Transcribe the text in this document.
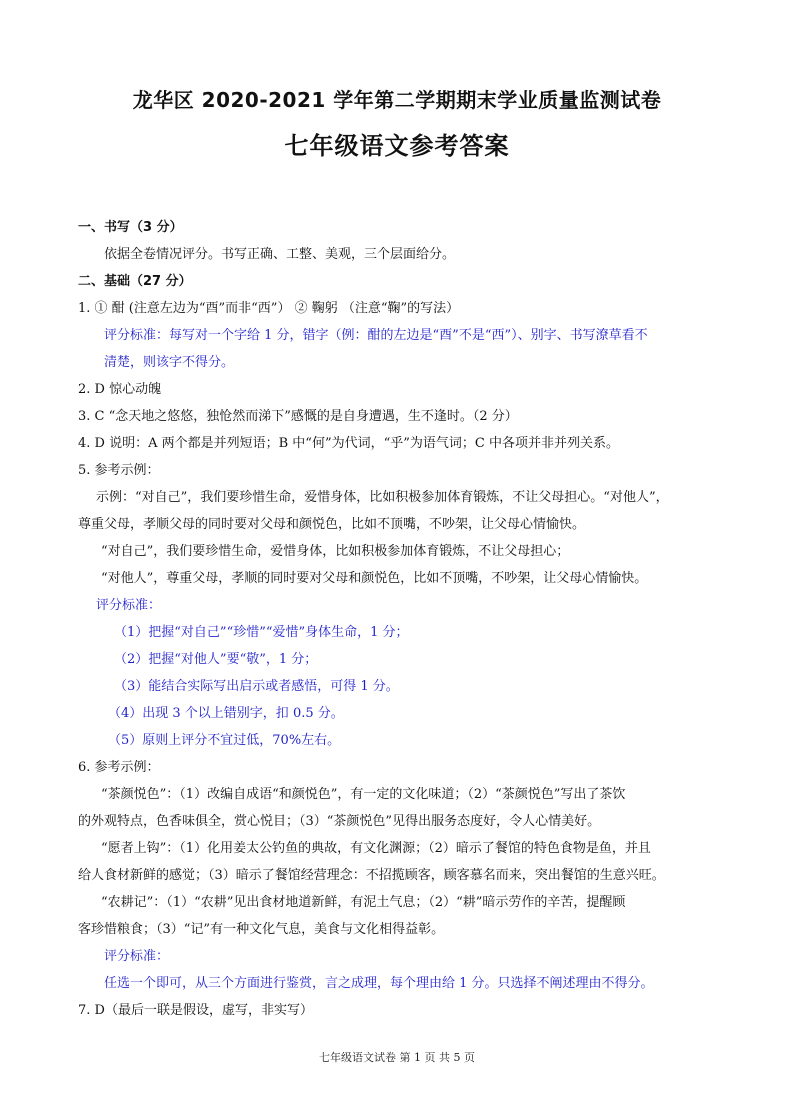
龙华区 2020-2021 学年第二学期期末学业质量监测试卷
七年级语文参考答案
一、书写（3 分）
依据全卷情况评分。书写正确、工整、美观，三个层面给分。
二、基础（27 分）
1. ① 酣 (注意左边为“酉”而非“西”） ② 鞠躬 （注意“鞠”的写法）
评分标准：每写对一个字给 1 分，错字（例：酣的左边是“酉”不是“西”）、别字、书写潦草看不
清楚，则该字不得分。
2. D 惊心动魄
3. C “念天地之悠悠，独怆然而涕下”感慨的是自身遭遇，生不逢时。（2 分）
4. D 说明：A 两个都是并列短语；B 中“何”为代词，“乎”为语气词；C 中各项并非并列关系。
5. 参考示例：
示例：“对自己”，我们要珍惜生命，爱惜身体，比如积极参加体育锻炼，不让父母担心。“对他人”，
尊重父母，孝顺父母的同时要对父母和颜悦色，比如不顶嘴，不吵架，让父母心情愉快。
“对自己”，我们要珍惜生命，爱惜身体，比如积极参加体育锻炼，不让父母担心；
“对他人”，尊重父母，孝顺的同时要对父母和颜悦色，比如不顶嘴，不吵架，让父母心情愉快。
评分标准：
（1）把握“对自己”“珍惜”“爱惜”身体生命，1 分；
（2）把握“对他人”要“敬”，1 分；
（3）能结合实际写出启示或者感悟，可得 1 分。
（4）出现 3 个以上错别字，扣 0.5 分。
（5）原则上评分不宜过低，70%左右。
6. 参考示例：
“茶颜悦色”：（1）改编自成语“和颜悦色”，有一定的文化味道；（2）“茶颜悦色”写出了茶饮
的外观特点，色香味俱全，赏心悦目；（3）“茶颜悦色”见得出服务态度好，令人心情美好。
“愿者上钩”：（1）化用姜太公钓鱼的典故，有文化渊源；（2）暗示了餐馆的特色食物是鱼，并且
给人食材新鲜的感觉；（3）暗示了餐馆经营理念：不招揽顾客，顾客慕名而来，突出餐馆的生意兴旺。
“农耕记”：（1）“农耕”见出食材地道新鲜，有泥土气息；（2）“耕”暗示劳作的辛苦，提醒顾
客珍惜粮食；（3）“记”有一种文化气息，美食与文化相得益彰。
评分标准：
任选一个即可，从三个方面进行鉴赏，言之成理，每个理由给 1 分。只选择不阐述理由不得分。
7. D（最后一联是假设，虚写，非实写）
七年级语文试卷 第 1 页 共 5 页
